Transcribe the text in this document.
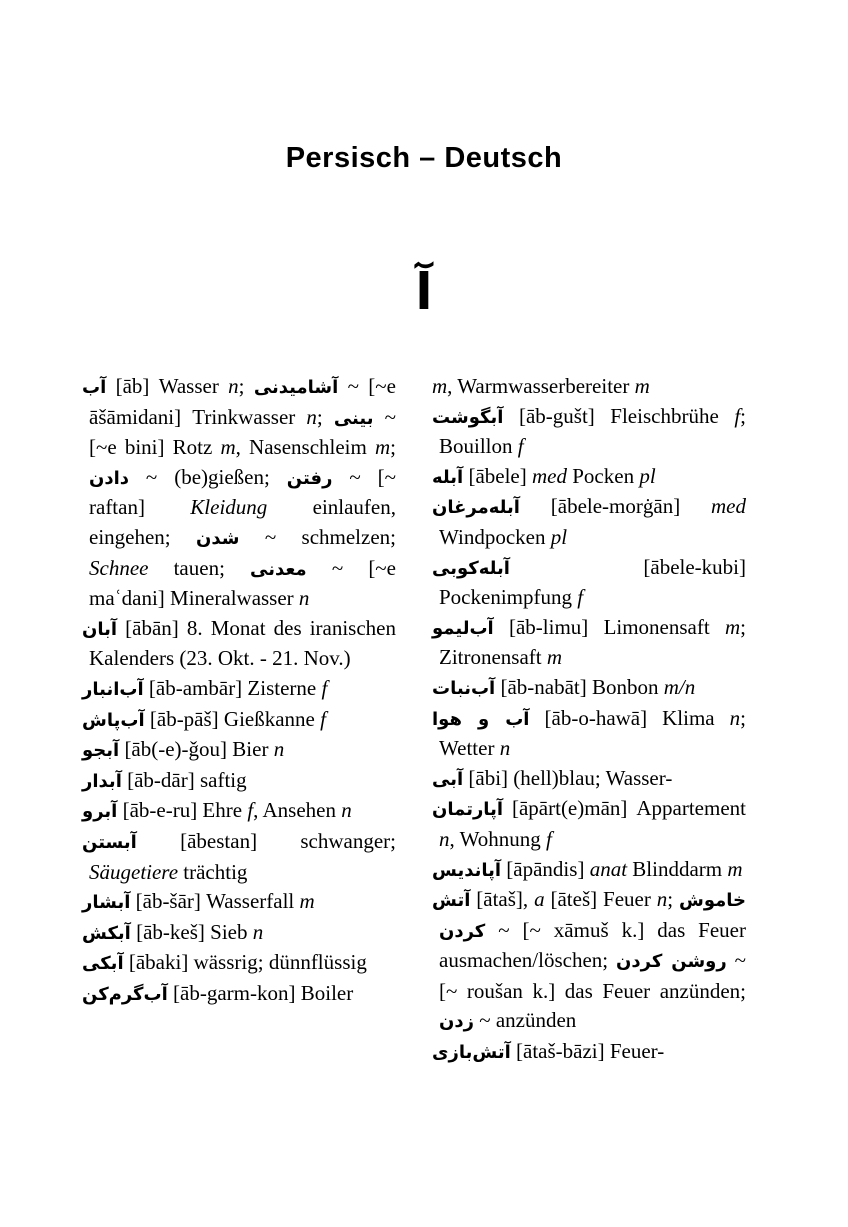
Persisch – Deutsch
آ

آب [āb] Wasser n; آشامیدنی ~ [~e āšāmidani] Trinkwasser n; بینی ~ [~e bini] Rotz m, Nasenschleim m; دادن ~ (be)gießen; رفتن ~ [~ raftan] Kleidung einlaufen, eingehen; شدن ~ schmelzen; Schnee tauen; معدنی ~ [~e maʿdani] Mineralwasser n

آبان [ābān] 8. Monat des iranischen Kalenders (23. Okt. - 21. Nov.)

آب‌انبار [āb-ambār] Zisterne f

آب‌پاش [āb-pāš] Gießkanne f

آبجو [āb(-e)-ǧou] Bier n

آبدار [āb-dār] saftig

آبرو [āb-e-ru] Ehre f, Ansehen n

آبستن [ābestan] schwanger; Säugetiere trächtig

آبشار [āb-šār] Wasserfall m

آبکش [āb-keš] Sieb n

آبکی [ābaki] wässrig; dünnflüssig

آب‌گرم‌کن [āb-garm-kon] Boiler

m, Warmwasserbereiter m

آبگوشت [āb-gušt] Fleischbrühe f; Bouillon f

آبله [ābele] med Pocken pl

آبله‌مرغان [ābele-morġān] med Windpocken pl

آبله‌کوبی [ābele-kubi] Pockenimpfung f

آب‌لیمو [āb-limu] Limonensaft m; Zitronensaft m

آب‌نبات [āb-nabāt] Bonbon m/n

آب و هوا [āb-o-hawā] Klima n; Wetter n

آبی [ābi] (hell)blau; Wasser-

آپارتمان [āpārt(e)mān] Appartement n, Wohnung f

آپاندیس [āpāndis] anat Blinddarm m

آتش [ātaš], a [āteš] Feuer n; خاموش کردن ~ [~ xāmuš k.] das Feuer ausmachen/löschen; روشن کردن ~ [~ roušan k.] das Feuer anzünden; زدن ~ anzünden

آتش‌بازی [ātaš-bāzi] Feuer-
